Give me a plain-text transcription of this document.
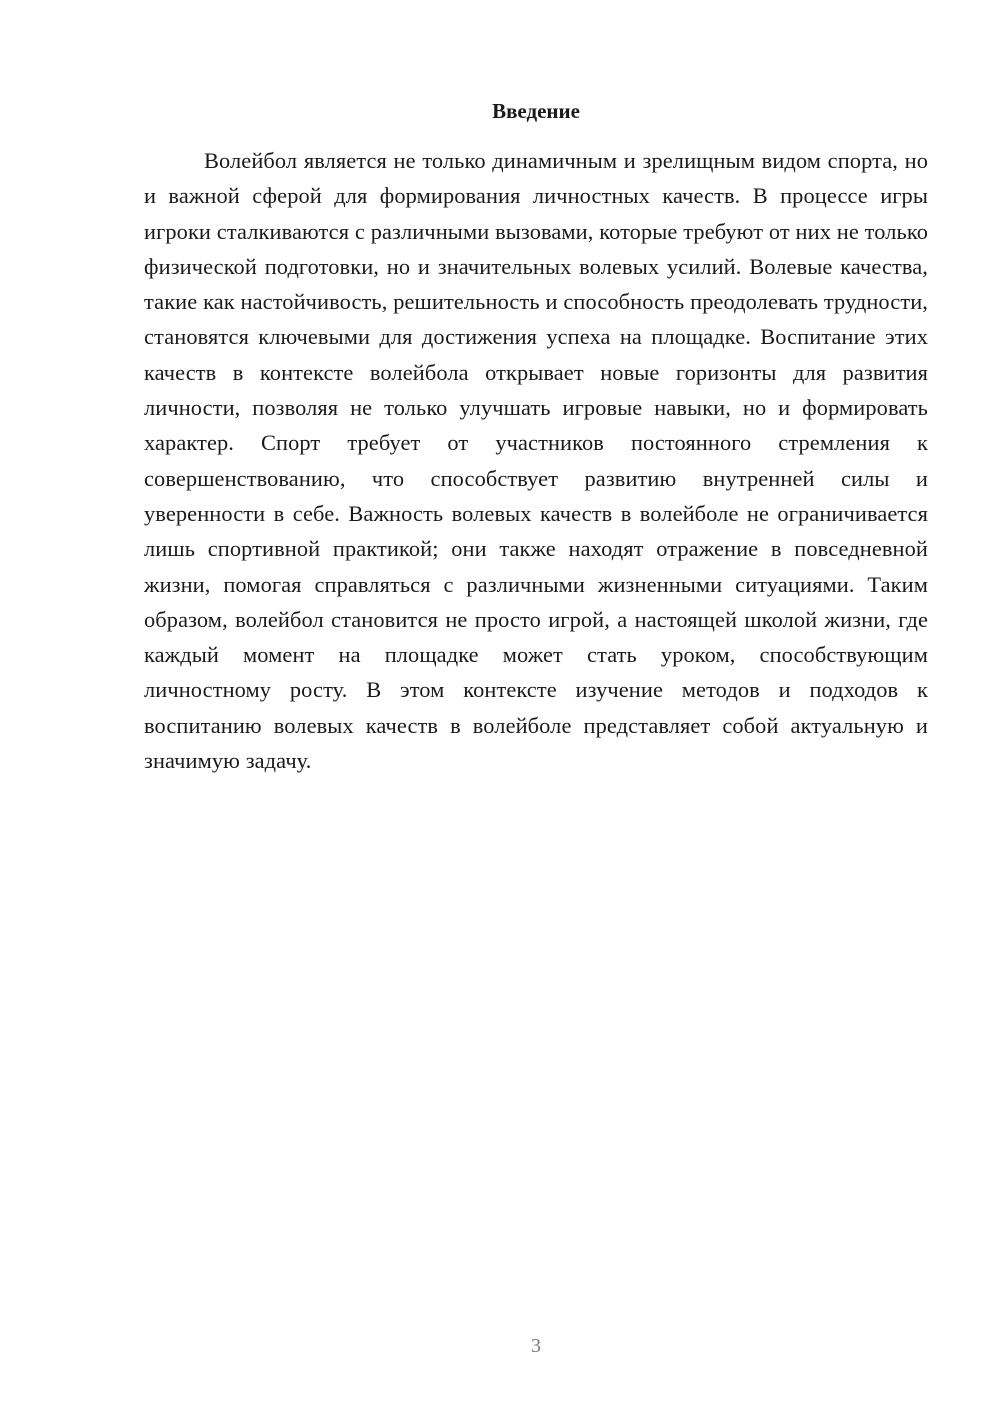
Введение

Волейбол является не только динамичным и зрелищным видом спорта, но и важной сферой для формирования личностных качеств. В процессе игры игроки сталкиваются с различными вызовами, которые требуют от них не только физической подготовки, но и значительных волевых усилий. Волевые качества, такие как настойчивость, решительность и способность преодолевать трудности, становятся ключевыми для достижения успеха на площадке. Воспитание этих качеств в контексте волейбола открывает новые горизонты для развития личности, позволяя не только улучшать игровые навыки, но и формировать характер. Спорт требует от участников постоянного стремления к совершенствованию, что способствует развитию внутренней силы и уверенности в себе. Важность волевых качеств в волейболе не ограничивается лишь спортивной практикой; они также находят отражение в повседневной жизни, помогая справляться с различными жизненными ситуациями. Таким образом, волейбол становится не просто игрой, а настоящей школой жизни, где каждый момент на площадке может стать уроком, способствующим личностному росту. В этом контексте изучение методов и подходов к воспитанию волевых качеств в волейболе представляет собой актуальную и значимую задачу.

3
